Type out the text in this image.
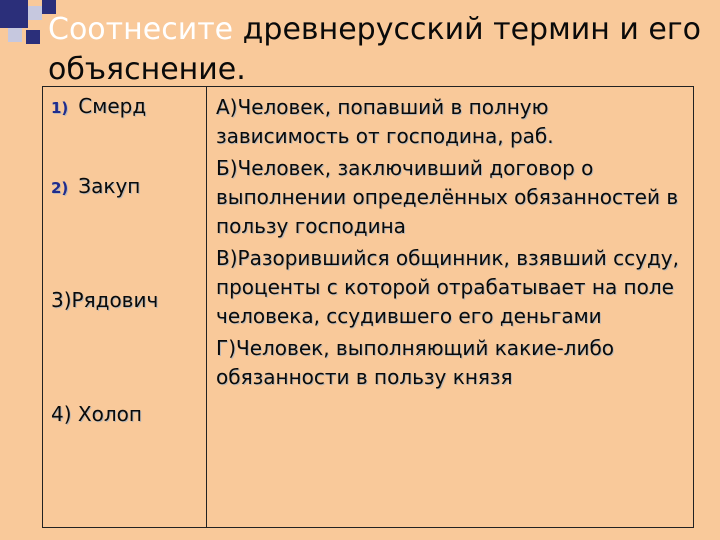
Соотнесите древнерусский термин и его объяснение.
1) Смерд
2) Закуп
3)Рядович
4) Холоп

А)Человек, попавший в полную зависимость от господина, раб.
Б)Человек, заключивший договор о выполнении определённых обязанностей в пользу господина
В)Разорившийся общинник, взявший ссуду, проценты с которой отрабатывает на поле человека, ссудившего его деньгами
Г)Человек, выполняющий какие-либо обязанности в пользу князя
